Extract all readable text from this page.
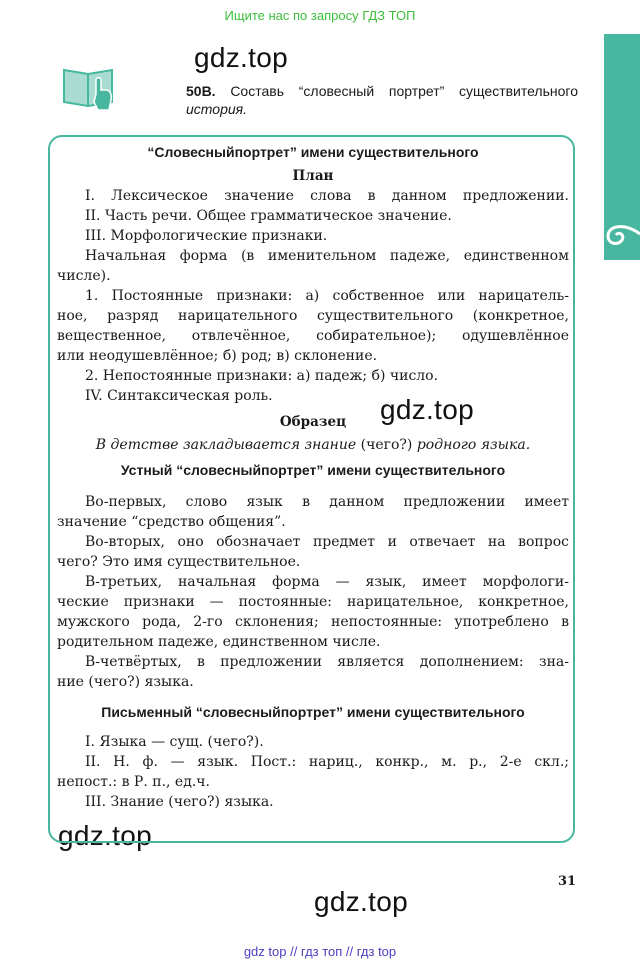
Ищите нас по запросу ГДЗ ТОП
gdz.top
gdz.top
gdz.top
gdz.top
50В. Составь “словесный портрет” существительного
история.
“Словесныйпортрет” имени существительного
План
I. Лексическое значение слова в данном предложении.
II. Часть речи. Общее грамматическое значение.
III. Морфологические признаки.
Начальная форма (в именительном падеже, единственном
числе).
1. Постоянные признаки: а) собственное или нарицатель-
ное, разряд нарицательного существительного (конкретное,
вещественное, отвлечённое, собирательное); одушевлённое
или неодушевлённое; б) род; в) склонение.
2. Непостоянные признаки: а) падеж; б) число.
IV. Синтаксическая роль.
Образец
В детстве закладывается знание (чего?) родного языка.
Устный “словесныйпортрет” имени существительного
Во-первых, слово язык в данном предложении имеет
значение “средство общения”.
Во-вторых, оно обозначает предмет и отвечает на вопрос
чего? Это имя существительное.
В-третьих, начальная форма — язык, имеет морфологи-
ческие признаки — постоянные: нарицательное, конкретное,
мужского рода, 2-го склонения; непостоянные: употреблено в
родительном падеже, единственном числе.
В-четвёртых, в предложении является дополнением: зна-
ние (чего?) языка.
Письменный “словесныйпортрет” имени существительного
I. Языка — сущ. (чего?).
II. Н. ф. — язык. Пост.: нариц., конкр., м. р., 2-е скл.;
непост.: в Р. п., ед.ч.
III. Знание (чего?) языка.
31
gdz top // гдз топ // гдз top
